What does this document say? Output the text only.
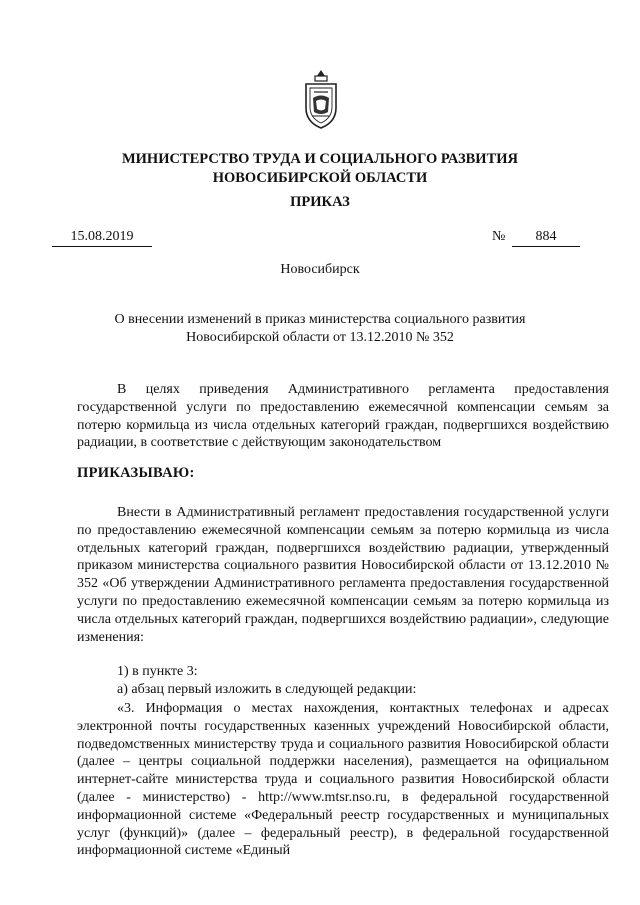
МИНИСТЕРСТВО ТРУДА И СОЦИАЛЬНОГО РАЗВИТИЯ
НОВОСИБИРСКОЙ ОБЛАСТИ
ПРИКАЗ
15.08.2019	№	884
Новосибирск
О внесении изменений в приказ министерства социального развития
Новосибирской области от 13.12.2010 № 352
В целях приведения Административного регламента предоставления государственной услуги по предоставлению ежемесячной компенсации семьям за потерю кормильца из числа отдельных категорий граждан, подвергшихся воздействию радиации, в соответствие с действующим законодательством
ПРИКАЗЫВАЮ:
Внести в Административный регламент предоставления государственной услуги по предоставлению ежемесячной компенсации семьям за потерю кормильца из числа отдельных категорий граждан, подвергшихся воздействию радиации, утвержденный приказом министерства социального развития Новосибирской области от 13.12.2010 № 352 «Об утверждении Административного регламента предоставления государственной услуги по предоставлению ежемесячной компенсации семьям за потерю кормильца из числа отдельных категорий граждан, подвергшихся воздействию радиации», следующие изменения:
1) в пункте 3:
а) абзац первый изложить в следующей редакции:
«3. Информация о местах нахождения, контактных телефонах и адресах электронной почты государственных казенных учреждений Новосибирской области, подведомственных министерству труда и социального развития Новосибирской области (далее – центры социальной поддержки населения), размещается на официальном интернет-сайте министерства труда и социального развития Новосибирской области (далее - министерство) - http://www.mtsr.nso.ru, в федеральной государственной информационной системе «Федеральный реестр государственных и муниципальных услуг (функций)» (далее – федеральный реестр), в федеральной государственной информационной системе «Единый
